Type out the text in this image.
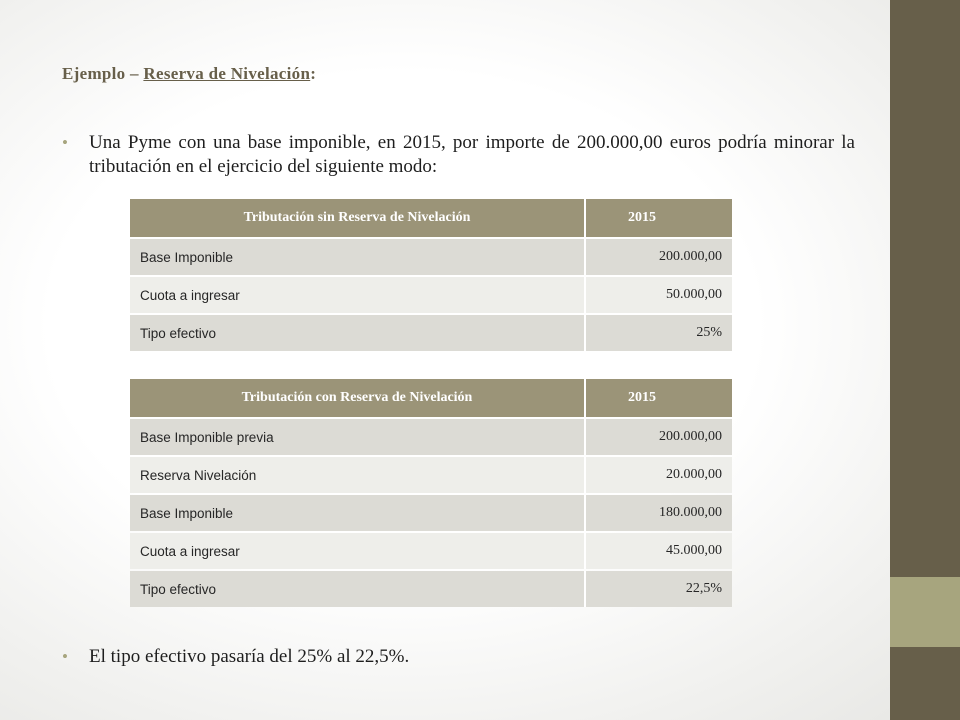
Ejemplo – Reserva de Nivelación:

• Una Pyme con una base imponible, en 2015, por importe de 200.000,00 euros podría minorar la tributación en el ejercicio del siguiente modo:

Tributación sin Reserva de Nivelación	2015
Base Imponible	200.000,00
Cuota a ingresar	50.000,00
Tipo efectivo	25%
Tributación con Reserva de Nivelación	2015
Base Imponible previa	200.000,00
Reserva Nivelación	20.000,00
Base Imponible	180.000,00
Cuota a ingresar	45.000,00
Tipo efectivo	22,5%

• El tipo efectivo pasaría del 25% al 22,5%.
